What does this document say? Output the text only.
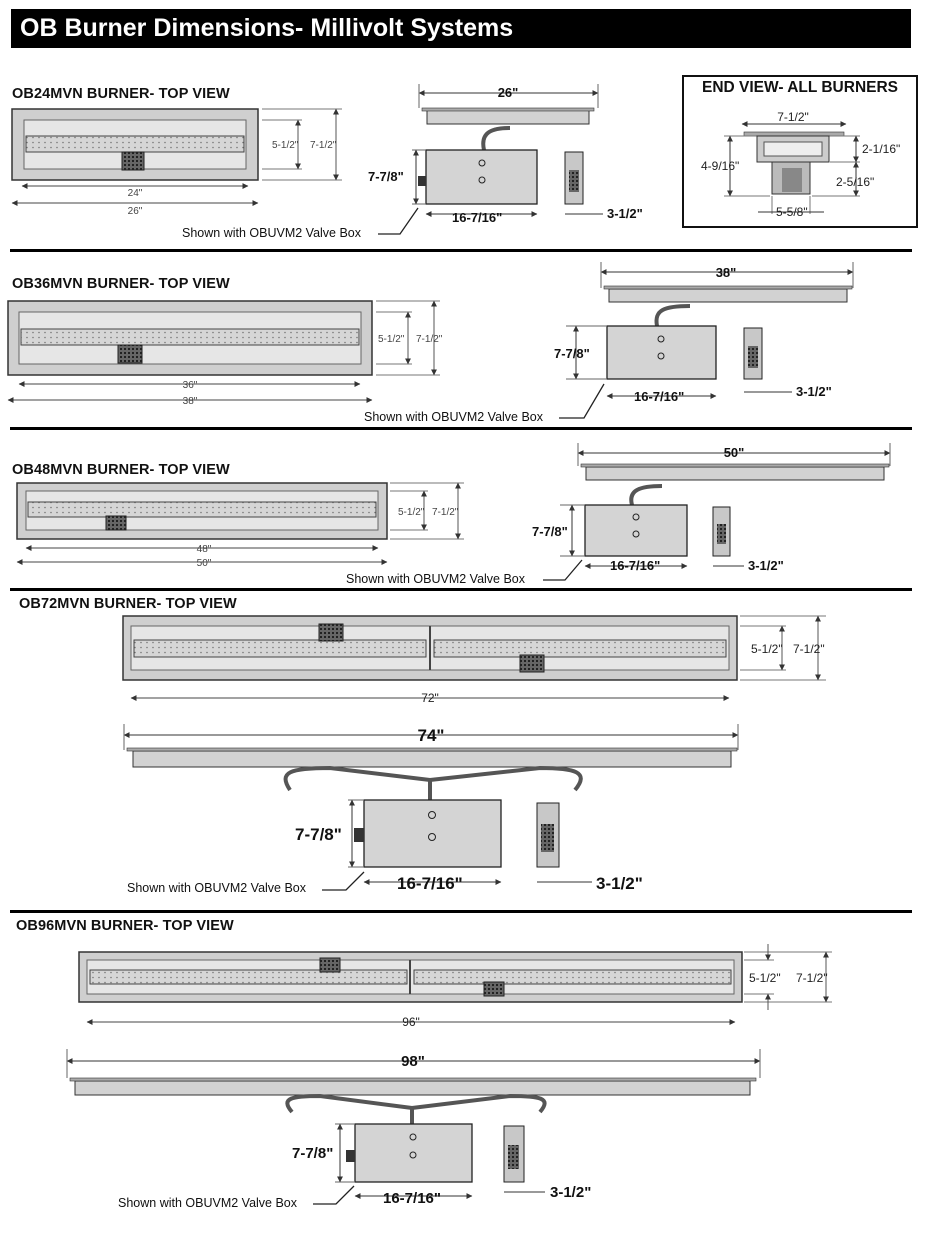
OB Burner Dimensions- Millivolt Systems
OB24MVN BURNER- TOP VIEW
OB36MVN BURNER- TOP VIEW
OB48MVN BURNER- TOP VIEW
OB72MVN BURNER- TOP VIEW
OB96MVN BURNER- TOP VIEW
END VIEW- ALL BURNERS
24"
26"
5-1/2" 7-1/2"
26"
7-7/8"
16-7/16"	3-1/2"
Shown with OBUVM2 Valve Box
7-1/2"
4-9/16"
2-1/16"
2-5/16"
5-5/8"
36"
38"
5-1/2" 7-1/2"
38"
7-7/8"
16-7/16"	3-1/2"
Shown with OBUVM2 Valve Box
48"
50"
5-1/2" 7-1/2"
50"
7-7/8"
16-7/16"	3-1/2"
Shown with OBUVM2 Valve Box
72"
5-1/2" 7-1/2"
74"
7-7/8"
16-7/16"	3-1/2"
Shown with OBUVM2 Valve Box
96"
5-1/2" 7-1/2"
98"
7-7/8"
16-7/16"	3-1/2"
Shown with OBUVM2 Valve Box
